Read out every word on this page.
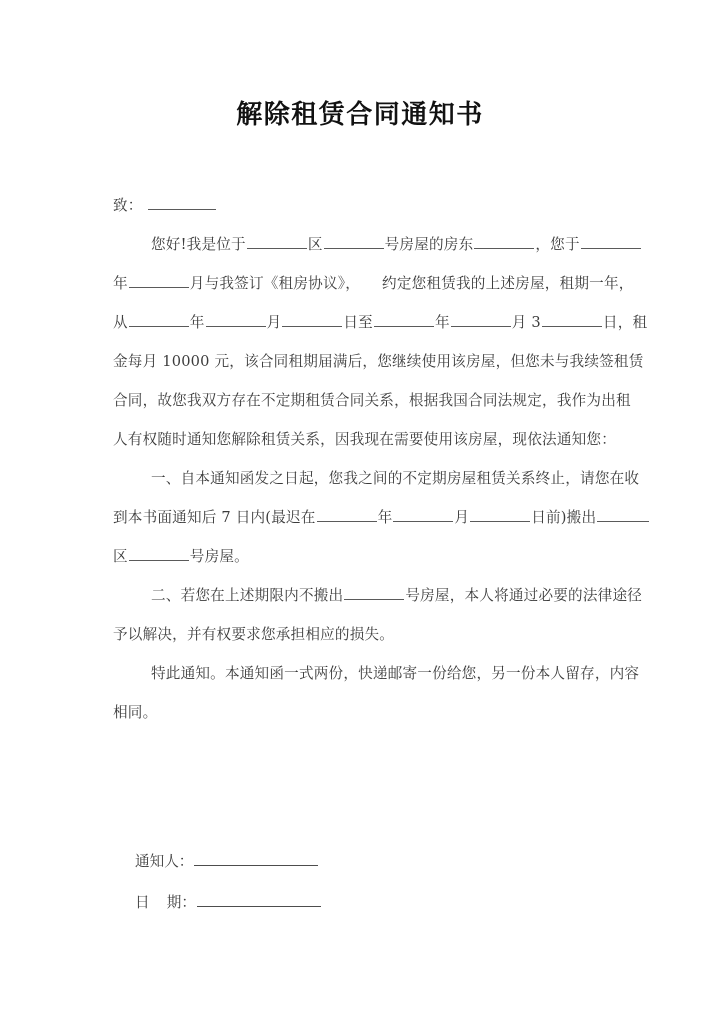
解除租赁合同通知书
致：
您好!我是位于	区	号房屋的房东	，您于
年	月与我签订《租房协议》， 约定您租赁我的上述房屋，租期一年，
从	年	月	日至	年	月 3	日，租
金每月 10000 元，该合同租期届满后，您继续使用该房屋，但您未与我续签租赁
合同，故您我双方存在不定期租赁合同关系，根据我国合同法规定，我作为出租
人有权随时通知您解除租赁关系，因我现在需要使用该房屋，现依法通知您：
一、自本通知函发之日起，您我之间的不定期房屋租赁关系终止，请您在收
到本书面通知后 7 日内(最迟在	年	月	日前)搬出
区	号房屋。
二、若您在上述期限内不搬出	号房屋，本人将通过必要的法律途径
予以解决，并有权要求您承担相应的损失。
特此通知。本通知函一式两份，快递邮寄一份给您，另一份本人留存，内容
相同。
通知人：
日 期：
